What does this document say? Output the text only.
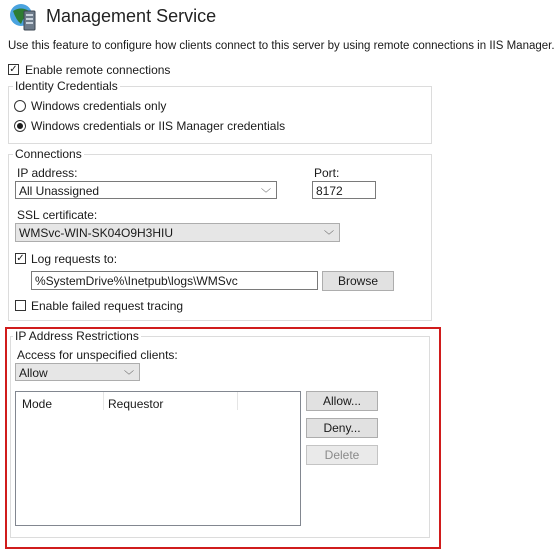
Management Service
Use this feature to configure how clients connect to this server by using remote connections in IIS Manager.
✓ Enable remote connections
Identity Credentials
Windows credentials only
Windows credentials or IIS Manager credentials
Connections
IP address:
All Unassigned	﹀
Port:
8172
SSL certificate:
WMSvc-WIN-SK04O9H3HIU	﹀
✓ Log requests to:
%SystemDrive%\Inetpub\logs\WMSvc	Browse
Enable failed request tracing
IP Address Restrictions
Access for unspecified clients:
Allow	﹀
Mode	Requestor	Allow...
Deny...
Delete
